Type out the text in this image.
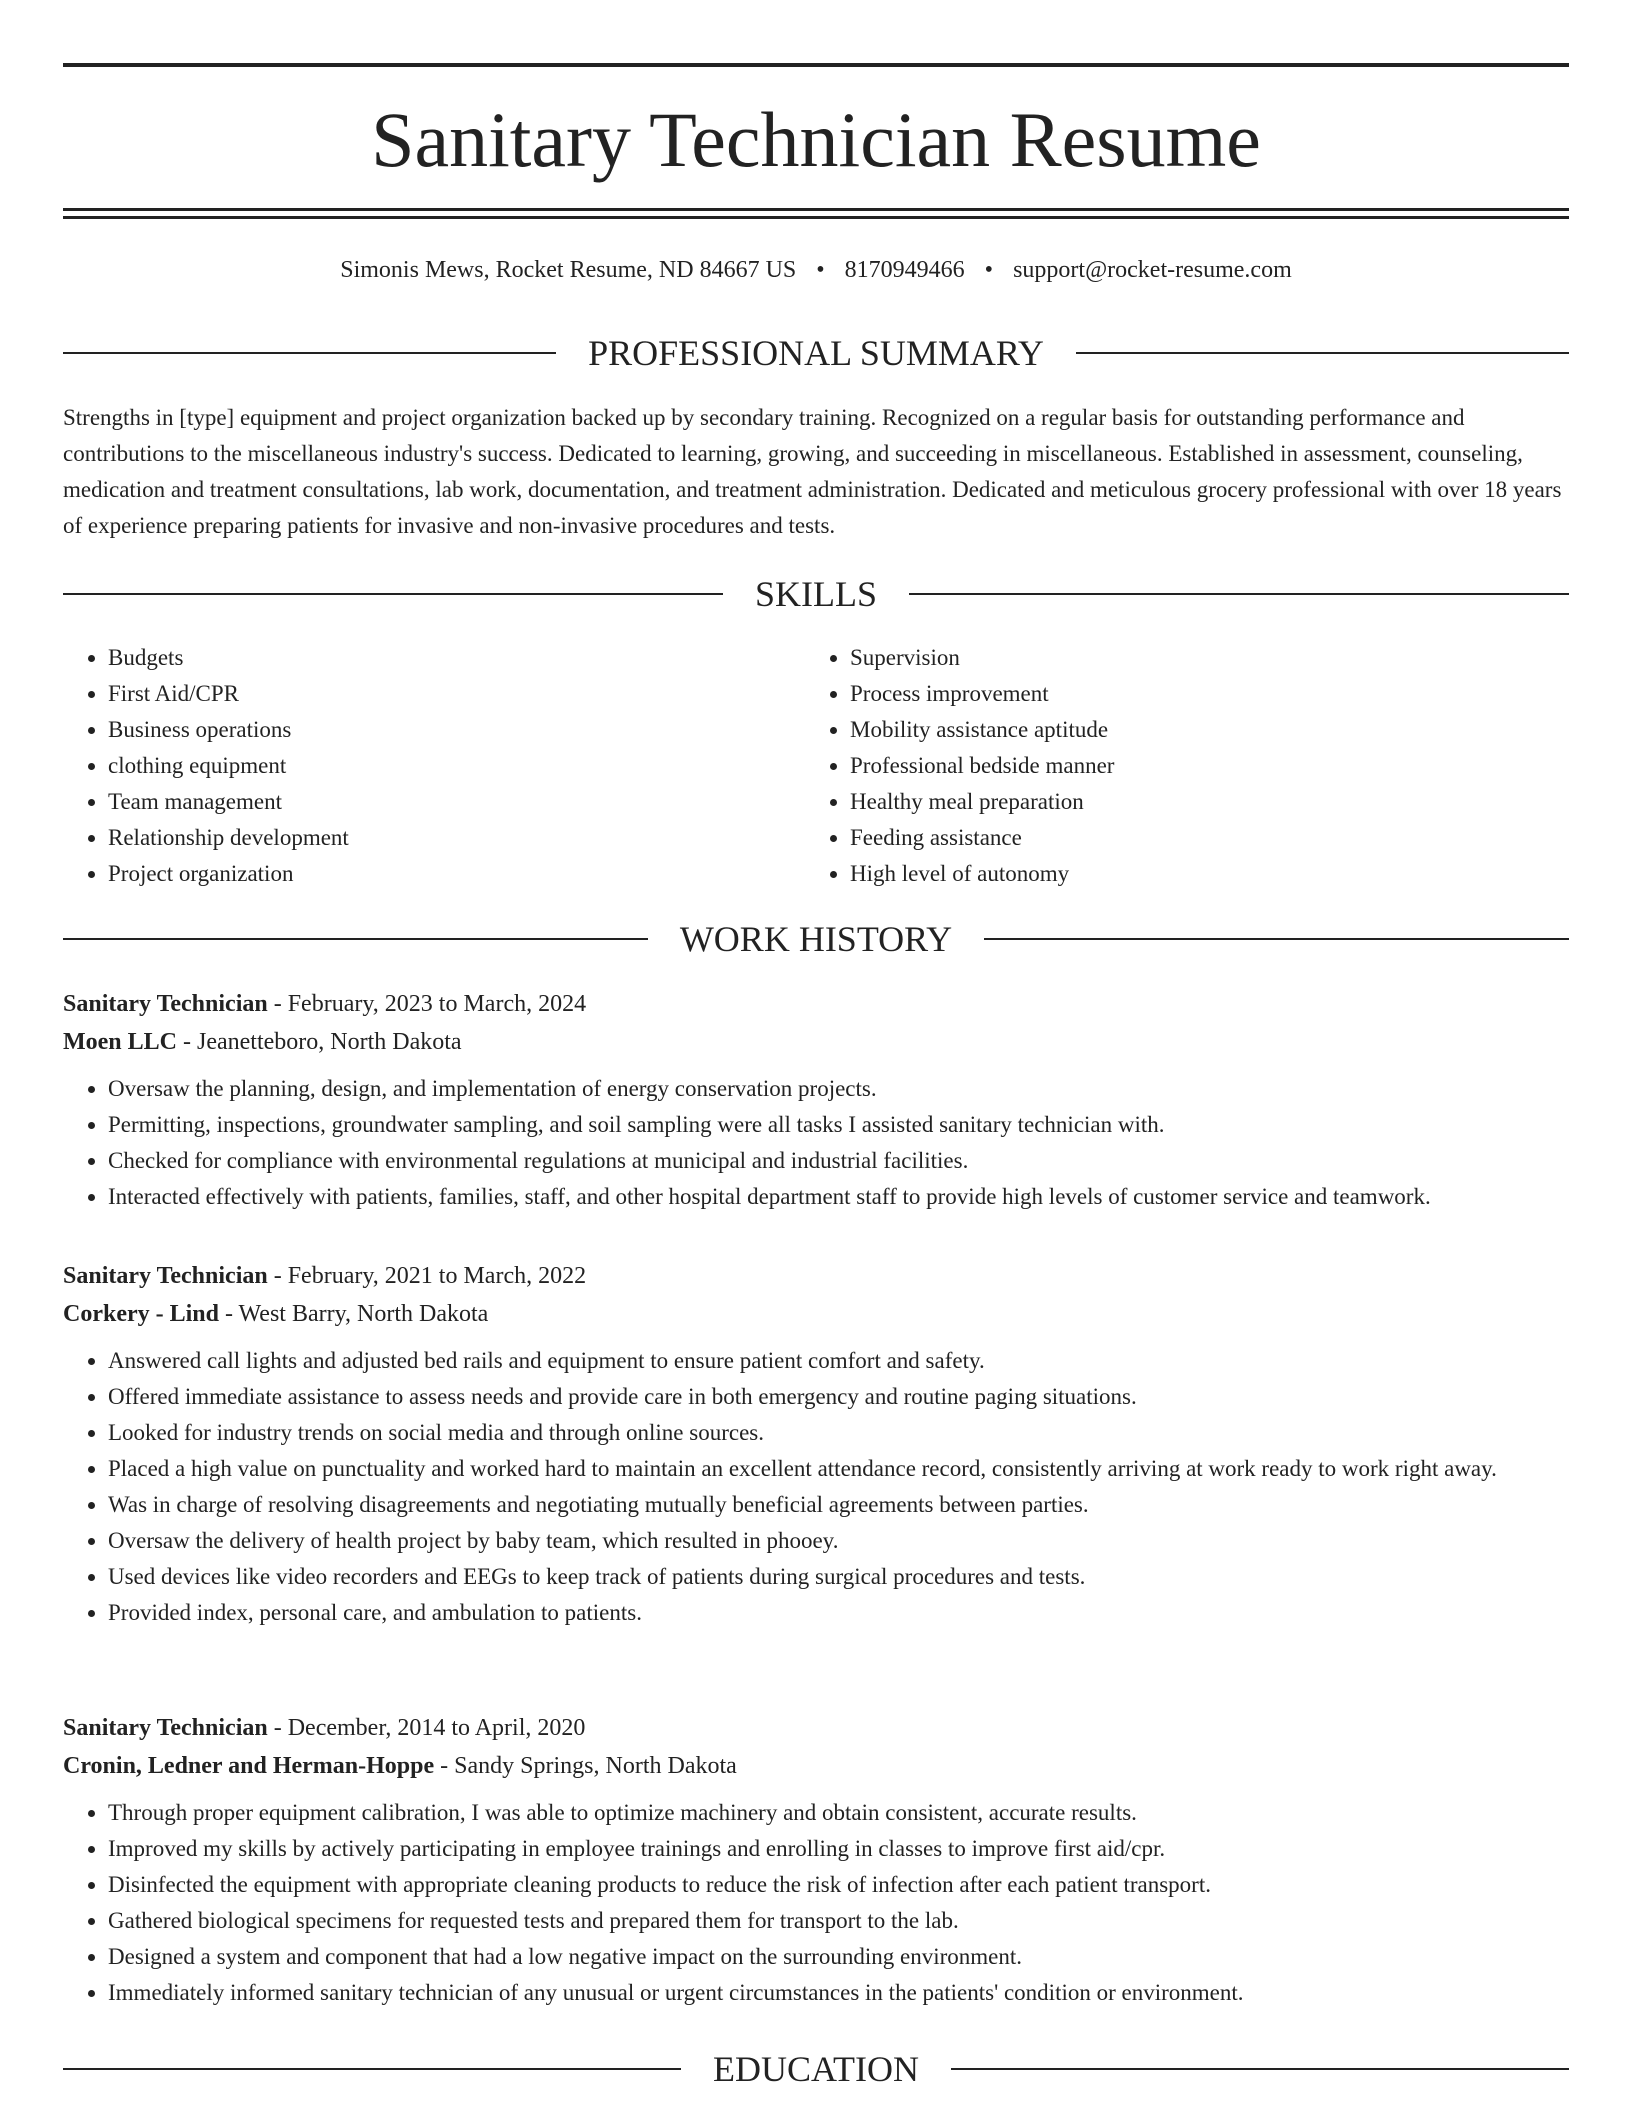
Sanitary Technician Resume
Simonis Mews, Rocket Resume, ND 84667 US • 8170949466 • support@rocket-resume.com
PROFESSIONAL SUMMARY

Strengths in [type] equipment and project organization backed up by secondary training. Recognized on a regular basis for outstanding performance and contributions to the miscellaneous industry's success. Dedicated to learning, growing, and succeeding in miscellaneous. Established in assessment, counseling, medication and treatment consultations, lab work, documentation, and treatment administration. Dedicated and meticulous grocery professional with over 18 years of experience preparing patients for invasive and non-invasive procedures and tests.

SKILLS
• Budgets
• First Aid/CPR
• Business operations
• clothing equipment
• Team management
• Relationship development
• Project organization
• Supervision
• Process improvement
• Mobility assistance aptitude
• Professional bedside manner
• Healthy meal preparation
• Feeding assistance
• High level of autonomy
WORK HISTORY
Sanitary Technician - February, 2023 to March, 2024
Moen LLC - Jeanetteboro, North Dakota
• Oversaw the planning, design, and implementation of energy conservation projects.
• Permitting, inspections, groundwater sampling, and soil sampling were all tasks I assisted sanitary technician with.
• Checked for compliance with environmental regulations at municipal and industrial facilities.
• Interacted effectively with patients, families, staff, and other hospital department staff to provide high levels of customer service and teamwork.
Sanitary Technician - February, 2021 to March, 2022
Corkery - Lind - West Barry, North Dakota
• Answered call lights and adjusted bed rails and equipment to ensure patient comfort and safety.
• Offered immediate assistance to assess needs and provide care in both emergency and routine paging situations.
• Looked for industry trends on social media and through online sources.
• Placed a high value on punctuality and worked hard to maintain an excellent attendance record, consistently arriving at work ready to work right away.
• Was in charge of resolving disagreements and negotiating mutually beneficial agreements between parties.
• Oversaw the delivery of health project by baby team, which resulted in phooey.
• Used devices like video recorders and EEGs to keep track of patients during surgical procedures and tests.
• Provided index, personal care, and ambulation to patients.
Sanitary Technician - December, 2014 to April, 2020
Cronin, Ledner and Herman-Hoppe - Sandy Springs, North Dakota
• Through proper equipment calibration, I was able to optimize machinery and obtain consistent, accurate results.
• Improved my skills by actively participating in employee trainings and enrolling in classes to improve first aid/cpr.
• Disinfected the equipment with appropriate cleaning products to reduce the risk of infection after each patient transport.
• Gathered biological specimens for requested tests and prepared them for transport to the lab.
• Designed a system and component that had a low negative impact on the surrounding environment.
• Immediately informed sanitary technician of any unusual or urgent circumstances in the patients' condition or environment.
EDUCATION
